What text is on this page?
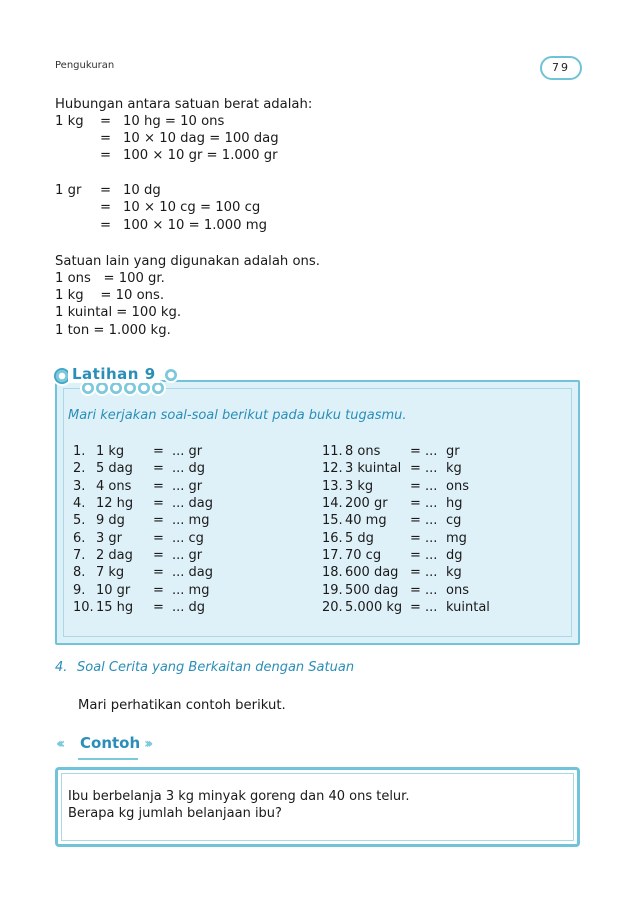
Pengukuran	79
Hubungan antara satuan berat adalah:
1 kg = 10 hg = 10 ons
= 10 × 10 dag = 100 dag
= 100 × 10 gr = 1.000 gr
1 gr = 10 dg
= 10 × 10 cg = 100 cg
= 100 × 10 = 1.000 mg
Satuan lain yang digunakan adalah ons.
1 ons   = 100 gr.
1 kg    = 10 ons.
1 kuintal = 100 kg.
1 ton = 1.000 kg.
Latihan 9
Mari kerjakan soal-soal berikut pada buku tugasmu.
1. 1 kg = ... gr
2. 5 dag = ... dg
3. 4 ons = ... gr
4. 12 hg = ... dag
5. 9 dg = ... mg
6. 3 gr = ... cg
7. 2 dag = ... gr
8. 7 kg = ... dag
9. 10 gr = ... mg
10. 15 hg = ... dg
11. 8 ons = ... gr
12. 3 kuintal = ... kg
13. 3 kg	= ... ons
14. 200 gr = ... hg
15. 40 mg = ... cg
16. 5 dg	= ... mg
17. 70 cg = ... dg
18. 600 dag = ... kg
19. 500 dag = ... ons
20. 5.000 kg = ... kuintal
4. Soal Cerita yang Berkaitan dengan Satuan
Mari perhatikan contoh berikut.
‹‹‹ Contoh ›››
Ibu berbelanja 3 kg minyak goreng dan 40 ons telur.
Berapa kg jumlah belanjaan ibu?
